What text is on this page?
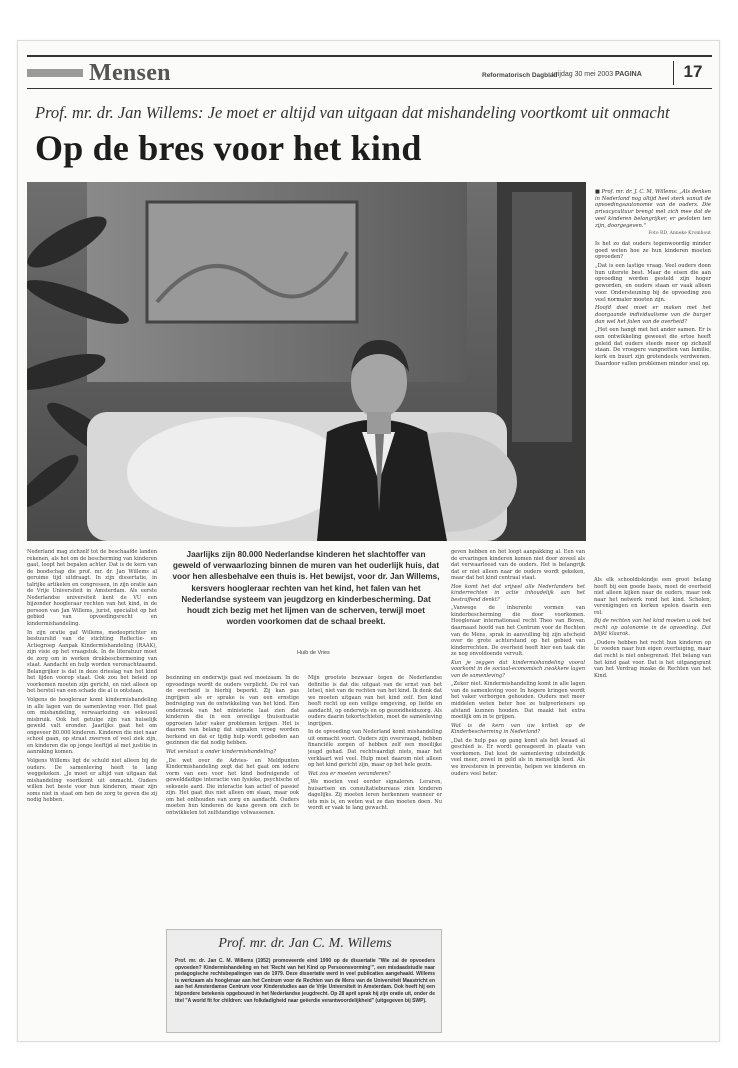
Mensen	Reformatorisch Dagblad
vrijdag 30 mei 2003 PAGINA	17
Prof. mr. dr. Jan Willems: Je moet er altijd van uitgaan dat mishandeling voortkomt uit onmacht
Op de bres voor het kind

■ Prof. mr. dr. J. C. M. Willems: „Als denken in Nederland nog altijd heel sterk vanuit de opvoedingsautonomie van de ouders. Die privacycultuur brengt met zich mee dat de veel kinderen belangrijker, er gesloten ten zijn, doorgegeven."

Foto RD, Anneke Kromhout

Is het zo dat ouders tegenwoordig minder goed weten hoe ze hun kinderen moeten opvoeden?

„Dat is een lastige vraag. Veel ouders doen hun uiterste best. Maar de eisen die aan opvoeding worden gesteld zijn hoger geworden, en ouders staan er vaak alleen voor. Ondersteuning bij de opvoeding zou veel normaler moeten zijn.

Hoofd doet moet er maken met het doorgaande individualisme van de burger dan wel het falen van de overheid?

„Het een hangt met het ander samen. Er is een ontwikkeling geweest die ertoe heeft geleid dat ouders steeds meer op zichzelf staan. De vroegere vangnetten van familie, kerk en buurt zijn grotendeels verdwenen. Daardoor vallen problemen minder snel op.

Nederland mag zichzelf tot de beschaafde landen rekenen, als het om de bescherming van kinderen gaat, loopt het bepalen achter. Dat is de kern van de boodschap die prof. mr. dr. Jan Willems al geruime tijd uitdraagt. In zijn dissertatie, in talrijke artikelen en congressen, in zijn oratie aan de Vrije Universiteit in Amsterdam. Als eerste Nederlandse universiteit kent de VU een bijzonder hoogleraar rechten van het kind, in de persoon van Jan Willems, jurist, specialist op het gebied van opvoedingsrecht en kindermishandeling.

In zijn oratie gaf Willems, medeoprichter en bestuurslid van de stichting Reflectie- en Actiegroep Aanpak Kindermishandeling (RAAK), zijn visie op het vraagstuk. In de literatuur moet de zorg om in werken drukbeschermening van staat. Aandacht en hulp worden veronachtzaamd. Belangrijker is dat in deze drieslag van het kind het lijden voorop staat. Ook zou het beleid op voorkomen moeten zijn gericht, en niet alleen op het herstel van een schade die al is ontstaan.

Volgens de hoogleraar komt kindermishandeling in alle lagen van de samenleving voor. Het gaat om mishandeling, verwaarlozing en seksueel misbruik. Ook het getuige zijn van huiselijk geweld valt eronder. Jaarlijks gaat het om ongeveer 80.000 kinderen. Kinderen die niet naar school gaan, op straat zwerven of veel ziek zijn, en kinderen die op jonge leeftijd al met justitie in aanraking komen.

Volgens Willems ligt de schuld niet alleen bij de ouders. De samenleving heeft te lang weggekeken. „Je moet er altijd van uitgaan dat mishandeling voortkomt uit onmacht. Ouders willen het beste voor hun kinderen, maar zijn soms niet in staat om hen de zorg te geven die zij nodig hebben.

Jaarlijks zijn 80.000 Nederlandse kinderen het slachtoffer van geweld of verwaarlozing binnen de muren van het ouderlijk huis, dat voor hen allesbehalve een thuis is. Het bewijst, voor dr. Jan Willems, kersvers hoogleraar rechten van het kind, het falen van het Nederlandse systeem van jeugdzorg en kinderbescherming. Dat houdt zich bezig met het lijmen van de scherven, terwijl moet worden voorkomen dat de schaal breekt.
Huib de Vries

bezinning en onderwijs gaat wel moeizaam. In de opvoedings wordt de ouders verplicht. De rol van de overheid is hierbij beperkt. Zij kan pas ingrijpen als er sprake is van een ernstige bedreiging van de ontwikkeling van het kind. Een onderzoek van het ministerie laat zien dat kinderen die in een onveilige thuissituatie opgroeien later vaker problemen krijgen. Het is daarom van belang dat signalen vroeg worden herkend en dat er tijdig hulp wordt geboden aan gezinnen die dat nodig hebben.

Wat verstaat u onder kindermishandeling?

„De wet over de Advies- en Meldpunten Kindermishandeling zegt dat het gaat om iedere vorm van een voor het kind bedreigende of gewelddadige interactie van fysieke, psychische of seksuele aard. Die interactie kan actief of passief zijn. Het gaat dus niet alleen om slaan, maar ook om het onthouden van zorg en aandacht. Ouders moeten hun kinderen de kans geven om zich te ontwikkelen tot zelfstandige volwassenen.

Mijn grootste bezwaar tegen de Nederlandse definitie is dat die uitgaat van de ernst van het letsel, niet van de rechten van het kind. Ik denk dat we moeten uitgaan van het kind zelf. Een kind heeft recht op een veilige omgeving, op liefde en aandacht, op onderwijs en op gezondheidszorg. Als ouders daarin tekortschieten, moet de samenleving ingrijpen.

In de opvoeding van Nederland komt mishandeling uit onmacht voort. Ouders zijn overvraagd, hebben financiële zorgen of hebben zelf een moeilijke jeugd gehad. Dat rechtvaardigt niets, maar het verklaart wel veel. Hulp moet daarom niet alleen op het kind gericht zijn, maar op het hele gezin.

Wat zou er moeten veranderen?

„We moeten veel eerder signaleren. Leraren, huisartsen en consultatiebureaus zien kinderen dagelijks. Zij moeten leren herkennen wanneer er iets mis is, en weten wat ze dan moeten doen. Nu wordt er vaak te lang gewacht.

Prof. mr. dr. Jan C. M. Willems
Prof. mr. dr. Jan C. M. Willems (1952) promoveerde eind 1990 op de dissertatie "Wie zal de opvoeders opvoeden? Kindermishandeling en het 'Recht van het Kind op Persoonsvorming'", een misdaadstudie naar pedagogische rechtsbepalingen van de 1979. Deze dissertatie werd in veel publicaties aangehaald. Willems is werkzaam als hoogleraar aan het Centrum voor de Rechten van de Mens van de Universiteit Maastricht en aan het Amsterdamse Centrum voor Kinderstudies aan de Vrije Universiteit in Amsterdam. Ook heeft hij een bijzondere betekenis opgebouwd in het Nederlandse jeugdrecht. Op 28 april sprak hij zijn oratie uit, onder de titel "A world fit for children: van folkdadigheid naar geëerdie verantwoordelijkheid" (uitgegeven bij SWP).

geven hebben en het loopt aanpakking al. Een van de ervaringen kinderen komen niet door zoveel als dat verwaarloosd van de ouders. Het is belangrijk dat er niet alleen naar de ouders wordt gekeken, maar dat het kind centraal staat.

Hoe komt het dat vrijwel alle Nederlanders het kinderrechten in actie inhoudelijk aan het bestraffend denkt?

„Vanwege de inherente vormen van kinderbescherming die door voorkomen. Hoogleraar internationaal recht Theo van Boven, daarnaast hoofd van het Centrum voor de Rechten van de Mens, sprak in aanvulling bij zijn afscheid over de grote achterstand op het gebied van kinderrechten. De overheid heeft hier een taak die ze nog onvoldoende vervult.

Kun je zeggen dat kindermishandeling vooral voorkomt in de sociaal-economisch zwakkere lagen van de samenleving?

„Zeker niet. Kindermishandeling komt in alle lagen van de samenleving voor. In hogere kringen wordt het vaker verborgen gehouden. Ouders met meer middelen weten beter hoe ze hulpverleners op afstand kunnen houden. Dat maakt het extra moeilijk om in te grijpen.

Wat is de kern van uw kritiek op de Kinderbescherming in Nederland?

„Dat de hulp pas op gang komt als het kwaad al geschied is. Er wordt gereageerd in plaats van voorkomen. Dat kost de samenleving uiteindelijk veel meer, zowel in geld als in menselijk leed. Als we investeren in preventie, helpen we kinderen en ouders veel beter.

Als elk schooldiskindje een groot belang heeft bij een goede basis, moet de overheid niet alleen kijken naar de ouders, maar ook naar het netwerk rond het kind. Scholen, verenigingen en kerken spelen daarin een rol.

Bij de rechten van het kind moeten u ook het recht op autonomie in de opvoeding. Dat blijkt klaarak.

„Ouders hebben het recht hun kinderen op te voeden naar hun eigen overtuiging, maar dat recht is niet onbegrensd. Het belang van het kind gaat voor. Dat is het uitgangspunt van het Verdrag inzake de Rechten van het Kind.
